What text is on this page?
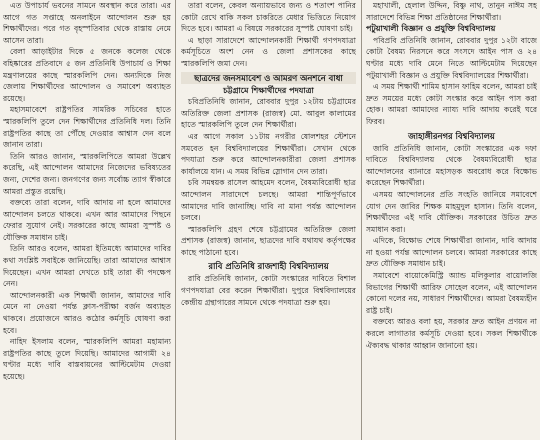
এত উপাচার্য ভবনের সামনে অবস্থান করে তারা। এর আগে গত সপ্তাহে অনলাইনে আন্দোলন শুরু হয় শিক্ষার্থীদের। পরে গত বৃহস্পতিবার থেকে রাস্তায় নেমে আসেন তারা।

বেলা আড়াইটার দিকে ৫ জনকে কলেজ থেকে বহিষ্কারের প্রতিবাদে ৫ জন প্রতিনিধি উপাচার্য ও শিক্ষা মন্ত্রণালয়ের কাছে স্মারকলিপি দেন। অন্যদিকে নিজ জেলায় শিক্ষার্থীদের আন্দোলন ও সমাবেশ অব্যাহত রয়েছে।

মহাসমাবেশে রাষ্ট্রপতির সামরিক সচিবের হাতে স্মারকলিপি তুলে দেন শিক্ষার্থীদের প্রতিনিধি দল। তিনি রাষ্ট্রপতির কাছে তা পৌঁছে দেওয়ার আশ্বাস দেন বলে জানান তারা।

তিনি আরও জানান, স্মারকলিপিতে আমরা উল্লেখ করেছি, এই আন্দোলন আমাদের নিজেদের ভবিষ্যতের জন্য, দেশের জন্য। জনগণের জন্য সর্বোচ্চ ত্যাগ স্বীকারে আমরা প্রস্তুত রয়েছি।

বক্তব্যে তারা বলেন, দাবি আদায় না হলে আমাদের আন্দোলন চলতে থাকবে। এখন আর আমাদের পিছনে ফেরার সুযোগ নেই। সরকারের কাছে আমরা সুস্পষ্ট ও যৌক্তিক সমাধান চাই।

তিনি আরও বলেন, আমরা ইতিমধ্যে আমাদের দাবির কথা সংশ্লিষ্ট সবাইকে জানিয়েছি। তারা আমাদের আশ্বাস দিয়েছেন। এখন আমরা দেখতে চাই তারা কী পদক্ষেপ নেন।

আন্দোলনকারী এক শিক্ষার্থী জানান, আমাদের দাবি মেনে না নেওয়া পর্যন্ত ক্লাস-পরীক্ষা বর্জন অব্যাহত থাকবে। প্রয়োজনে আরও কঠোর কর্মসূচি ঘোষণা করা হবে।

নাহিদ ইসলাম বলেন, স্মারকলিপি আমরা মহামান্য রাষ্ট্রপতির কাছে তুলে দিয়েছি। আমাদের আগামী ২৪ ঘণ্টার মধ্যে দাবি বাস্তবায়নের আল্টিমেটাম দেওয়া হয়েছে।

তারা বলেন, কেবল অন্যায়ভাবে জন্য ও শতাংশ পানির কোটা রেখে বাকি সকল চাকরিতে মেধার ভিত্তিতে নিয়োগ দিতে হবে। আমরা এ বিষয়ে সরকারের সুস্পষ্ট ঘোষণা চাই।

এ ছাড়া সারাদেশে আন্দোলনকারী শিক্ষার্থী গণপদযাত্রা কর্মসূচিতে অংশ নেন ও জেলা প্রশাসকের কাছে স্মারকলিপি জমা দেন।

ছাত্রদের জনসমাবেশ ও আমরণ অনশনে বাধা
চট্টগ্রামে শিক্ষার্থীদের পদযাত্রা

চবিপ্রতিনিধি জানান, রোববার দুপুর ১২টায় চট্টগ্রামের অতিরিক্ত জেলা প্রশাসক (রাজস্ব) মো. আবুল কালামের হাতে স্মারকলিপি তুলে দেন শিক্ষার্থীরা।

এর আগে সকাল ১১টায় নগরীর ষোলশহর স্টেশনে সমবেত হন বিশ্ববিদ্যালয়ের শিক্ষার্থীরা। সেখান থেকে পদযাত্রা শুরু করে আন্দোলনকারীরা জেলা প্রশাসক কার্যালয়ে যান। এ সময় বিভিন্ন স্লোগান দেন তারা।

চবি সমন্বয়ক রাসেল আহমেদ বলেন, বৈষম্যবিরোধী ছাত্র আন্দোলন সারাদেশে চলছে। আমরা শান্তিপূর্ণভাবে আমাদের দাবি জানাচ্ছি। দাবি না মানা পর্যন্ত আন্দোলন চলবে।

স্মারকলিপি গ্রহণ শেষে চট্টগ্রামের অতিরিক্ত জেলা প্রশাসক (রাজস্ব) জানান, ছাত্রদের দাবি যথাযথ কর্তৃপক্ষের কাছে পাঠানো হবে।

রাবি প্রতিনিধি রাজশাহী বিশ্ববিদ্যালয়

রাবি প্রতিনিধি জানান, কোটা সংস্কারের দাবিতে বিশাল গণপদযাত্রা বের করেন শিক্ষার্থীরা। দুপুরে বিশ্ববিদ্যালয়ের কেন্দ্রীয় গ্রন্থাগারের সামনে থেকে পদযাত্রা শুরু হয়।

মহাখালী, হেলাল উদ্দিন, বিষ্ণু নাথ, তানুন নাঈম সহ সারাদেশে বিভিন্ন শিক্ষা প্রতিষ্ঠানের শিক্ষার্থীরা।

পটুয়াখালী বিজ্ঞান ও প্রযুক্তি বিশ্ববিদ্যালয়

পবিপ্রবি প্রতিনিধি জানান, রোববার দুপুর ১২টা বাজে কোটা বৈষম্য নিরসনে করে সংসদে আইন পাস ও ২৪ ঘণ্টার মধ্যে দাবি মেনে নিতে আল্টিমেটাম দিয়েছেন পটুয়াখালী বিজ্ঞান ও প্রযুক্তি বিশ্ববিদ্যালয়ের শিক্ষার্থীরা।

এ সময় শিক্ষার্থী শামিম হাসান ফাহিম বলেন, আমরা চাই দ্রুত সময়ের মধ্যে কোটা সংস্কার করে আইন পাস করা হোক। আমরা আমাদের ন্যায্য দাবি আদায় করেই ঘরে ফিরব।

জাহাঙ্গীরনগর বিশ্ববিদ্যালয়

জাবি প্রতিনিধি জানান, কোটা সংস্কারের এক দফা দাবিতে বিশ্ববিদ্যালয় থেকে বৈষম্যবিরোধী ছাত্র আন্দোলনের ব্যানারে মহাসড়ক অবরোধ করে বিক্ষোভ করেছেন শিক্ষার্থীরা।

এসময় আন্দোলনের প্রতি সংহতি জানিয়ে সমাবেশে যোগ দেন জাবির শিক্ষক মাহমুদুল হাসান। তিনি বলেন, শিক্ষার্থীদের এই দাবি যৌক্তিক। সরকারের উচিত দ্রুত সমাধান করা।

এদিকে, বিক্ষোভ শেষে শিক্ষার্থীরা জানান, দাবি আদায় না হওয়া পর্যন্ত আন্দোলন চলবে। আমরা সরকারের কাছে দ্রুত যৌক্তিক সমাধান চাই।

সমাবেশে বায়োকেমিস্ট্রি অ্যান্ড মলিকুলার বায়োলজি বিভাগের শিক্ষার্থী আরিফ সোহেল বলেন, এই আন্দোলন কোনো দলের নয়, সাধারণ শিক্ষার্থীদের। আমরা বৈষম্যহীন রাষ্ট্র চাই।

বক্তব্যে আরও বলা হয়, সরকার দ্রুত আইন প্রণয়ন না করলে লাগাতার কর্মসূচি দেওয়া হবে। সকল শিক্ষার্থীকে ঐক্যবদ্ধ থাকার আহ্বান জানানো হয়।
